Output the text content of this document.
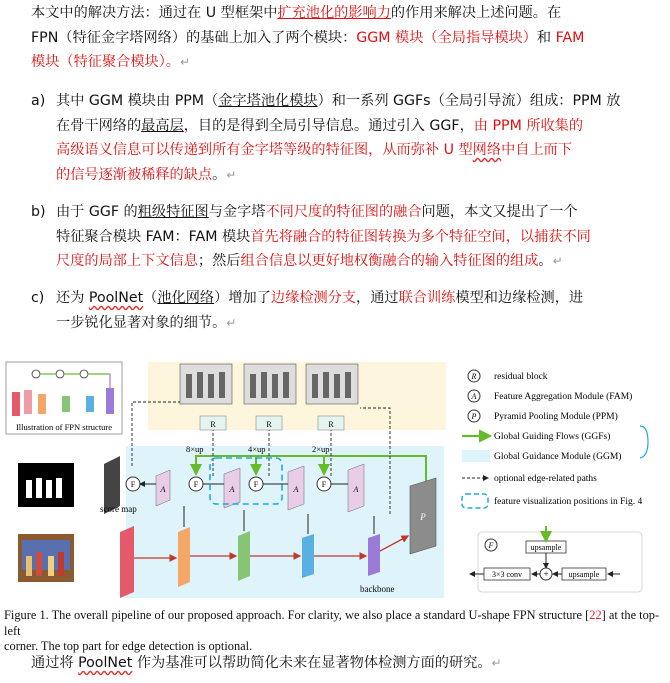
本文中的解决方法：通过在 U 型框架中扩充池化的影响力的作用来解决上述问题。在
FPN（特征金字塔网络）的基础上加入了两个模块：GGM 模块（全局指导模块）和 FAM
模块（特征聚合模块）。↵
a) 其中 GGM 模块由 PPM（金字塔池化模块）和一系列 GGFs（全局引导流）组成：PPM 放
在骨干网络的最高层，目的是得到全局引导信息。通过引入 GGF，由 PPM 所收集的
高级语义信息可以传递到所有金字塔等级的特征图，从而弥补 U 型网络中自上而下
的信号逐渐被稀释的缺点。↵
b) 由于 GGF 的粗级特征图与金字塔不同尺度的特征图的融合问题，本文又提出了一个
特征聚合模块 FAM：FAM 模块首先将融合的特征图转换为多个特征空间，以捕获不同
尺度的局部上下文信息；然后组合信息以更好地权衡融合的输入特征图的组成。↵
c) 还为 PoolNet（池化网络）增加了边缘检测分支，通过联合训练模型和边缘检测，进
一步锐化显著对象的细节。↵
Illustration of FPN structure	R	R	R
8×up	4×up	2×up
score map
F
A
F
A
F
A
F
A
P
backbone
R residual block
A Feature Aggregation Module (FAM)
P Pyramid Pooling Module (PPM)
Global Guiding Flows (GGFs)
Global Guidance Module (GGM)
optional edge-related paths
feature visualization positions in Fig. 4
F	upsample
+	upsample
3×3 conv
Figure 1. The overall pipeline of our proposed approach. For clarity, we also place a standard U-shape FPN structure [22] at the top-left
corner. The top part for edge detection is optional.
通过将 PoolNet 作为基准可以帮助简化未来在显著物体检测方面的研究。↵
